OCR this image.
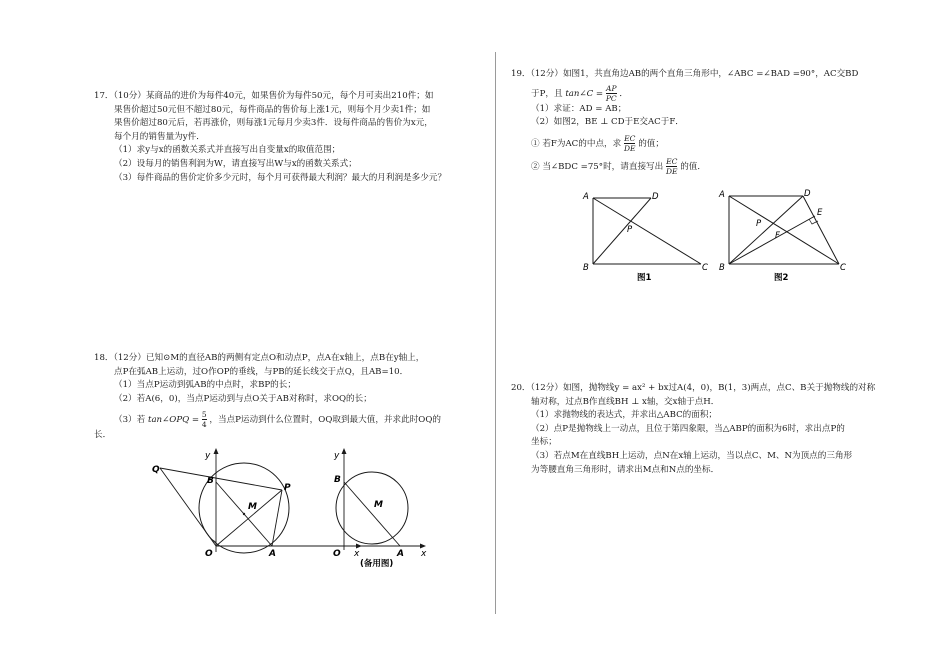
17．（10分）某商品的进价为每件40元，如果售价为每件50元，每个月可卖出210件；如

果售价超过50元但不超过80元，每件商品的售价每上涨1元，则每个月少卖1件；如

果售价超过80元后，若再涨价，则每涨1元每月少卖3件．设每件商品的售价为x元，

每个月的销售量为y件．

（1）求y与x的函数关系式并直接写出自变量x的取值范围；

（2）设每月的销售利润为W，请直接写出W与x的函数关系式；

（3）每件商品的售价定价多少元时，每个月可获得最大利润？最大的月利润是多少元？

18．（12分）已知⊙M的直径AB的两侧有定点O和动点P，点A在x轴上，点B在y轴上，

点P在弧AB上运动，过O作OP的垂线，与PB的延长线交于点Q，且AB=10．

（1）当点P运动到弧AB的中点时，求BP的长；

（2）若A(6，0)，当点P运动到与点O关于AB对称时，求OQ的长；

（3）若 tan∠OPQ = $\frac{5}{4}$ ，当点P运动到什么位置时，OQ取到最大值，并求此时OQ的

长．

Q
B
P
M
O	A	x
y
B
M
O	A x
y
(备用图)

19．（12分）如图1，共直角边AB的两个直角三角形中，∠ABC =∠BAD =90°，AC交BD

于P，且 tan∠C = $\frac{AP}{PC}$ ．

（1）求证：AD = AB；

（2）如图2，BE ⊥ CD于E交AC于F．

① 若F为AC的中点，求 $\frac{EC}{DE}$ 的值；

② 当∠BDC =75°时，请直接写出 $\frac{EC}{DE}$ 的值．

A	D
P
B	C
图1
A	D
E
P
F
B	C
图2

20．（12分）如图，抛物线y = ax² + bx过A(4，0)，B(1，3)两点，点C、B关于抛物线的对称

轴对称，过点B作直线BH ⊥ x轴，交x轴于点H．

（1）求抛物线的表达式，并求出△ABC的面积；

（2）点P是抛物线上一动点，且位于第四象限，当△ABP的面积为6时，求出点P的

坐标；

（3）若点M在直线BH上运动，点N在x轴上运动，当以点C、M、N为顶点的三角形

为等腰直角三角形时，请求出M点和N点的坐标．
